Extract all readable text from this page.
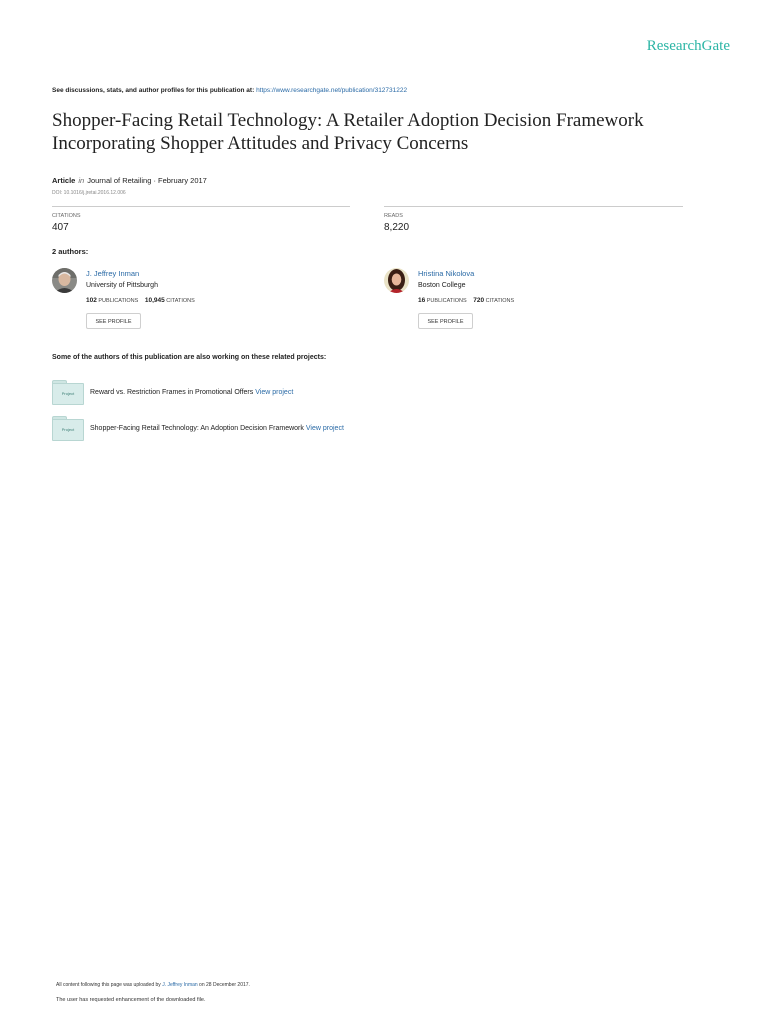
ResearchGate
See discussions, stats, and author profiles for this publication at: https://www.researchgate.net/publication/312731222
Shopper-Facing Retail Technology: A Retailer Adoption Decision Framework Incorporating Shopper Attitudes and Privacy Concerns
Article in Journal of Retailing · February 2017
DOI: 10.1016/j.jretai.2016.12.006
CITATIONS
407
READS
8,220
2 authors:
J. Jeffrey Inman
University of Pittsburgh
102 PUBLICATIONS 10,945 CITATIONS
SEE PROFILE
Hristina Nikolova
Boston College
16 PUBLICATIONS 720 CITATIONS
SEE PROFILE
Some of the authors of this publication are also working on these related projects:
Project	Reward vs. Restriction Frames in Promotional Offers View project
Project	Shopper-Facing Retail Technology: An Adoption Decision Framework View project
All content following this page was uploaded by J. Jeffrey Inman on 28 December 2017.
The user has requested enhancement of the downloaded file.
